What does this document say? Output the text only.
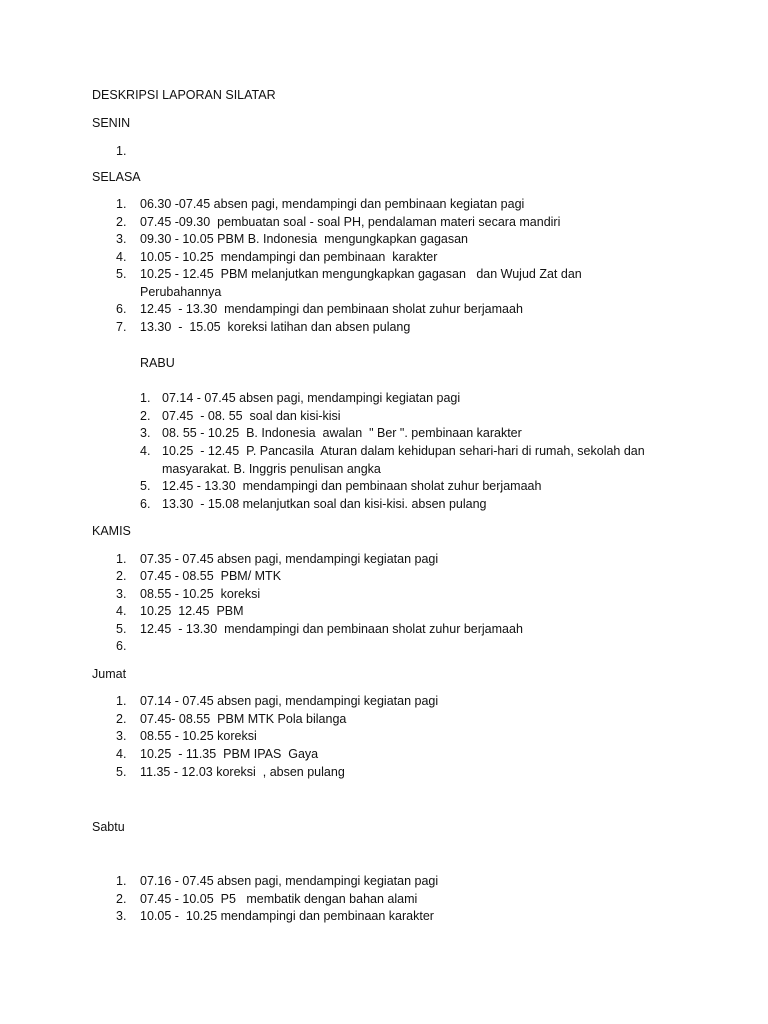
DESKRIPSI LAPORAN SILATAR
SENIN
1.
SELASA
1. 06.30 -07.45 absen pagi, mendampingi dan pembinaan kegiatan pagi
2. 07.45 -09.30  pembuatan soal - soal PH, pendalaman materi secara mandiri
3. 09.30 - 10.05 PBM B. Indonesia  mengungkapkan gagasan
4. 10.05 - 10.25  mendampingi dan pembinaan  karakter
5. 10.25 - 12.45  PBM melanjutkan mengungkapkan gagasan   dan Wujud Zat dan
Perubahannya
6. 12.45  - 13.30  mendampingi dan pembinaan sholat zuhur berjamaah
7. 13.30  -  15.05  koreksi latihan dan absen pulang
RABU
1. 07.14 - 07.45 absen pagi, mendampingi kegiatan pagi
2. 07.45  - 08. 55  soal dan kisi-kisi
3. 08. 55 - 10.25  B. Indonesia  awalan  " Ber ". pembinaan karakter
4. 10.25  - 12.45  P. Pancasila  Aturan dalam kehidupan sehari-hari di rumah, sekolah dan
masyarakat. B. Inggris penulisan angka
5. 12.45 - 13.30  mendampingi dan pembinaan sholat zuhur berjamaah
6. 13.30  - 15.08 melanjutkan soal dan kisi-kisi. absen pulang
KAMIS
1. 07.35 - 07.45 absen pagi, mendampingi kegiatan pagi
2. 07.45 - 08.55  PBM/ MTK
3. 08.55 - 10.25  koreksi
4. 10.25  12.45  PBM
5. 12.45  - 13.30  mendampingi dan pembinaan sholat zuhur berjamaah
6.
Jumat
1. 07.14 - 07.45 absen pagi, mendampingi kegiatan pagi
2. 07.45- 08.55  PBM MTK Pola bilanga
3. 08.55 - 10.25 koreksi
4. 10.25  - 11.35  PBM IPAS  Gaya
5. 11.35 - 12.03 koreksi  , absen pulang
Sabtu
1. 07.16 - 07.45 absen pagi, mendampingi kegiatan pagi
2. 07.45 - 10.05  P5   membatik dengan bahan alami
3. 10.05 -  10.25 mendampingi dan pembinaan karakter
